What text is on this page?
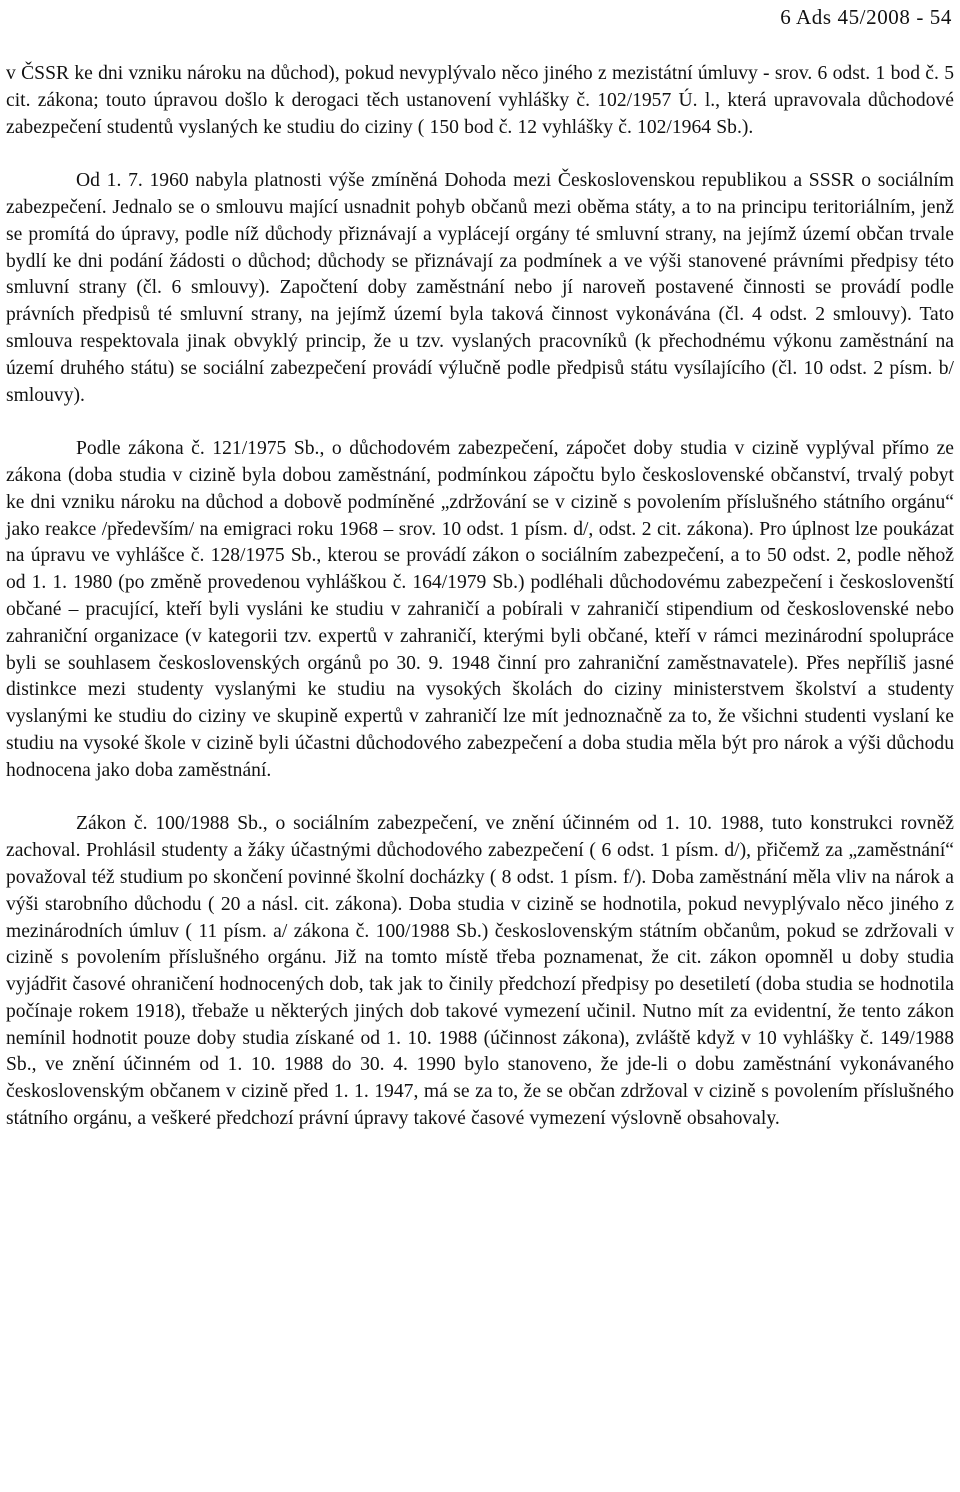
6 Ads 45/2008 - 54

v ČSSR ke dni vzniku nároku na důchod), pokud nevyplývalo něco jiného z mezistátní úmluvy - srov. 6 odst. 1 bod č. 5 cit. zákona; touto úpravou došlo k derogaci těch ustanovení vyhlášky č. 102/1957 Ú. l., která upravovala důchodové zabezpečení studentů vyslaných ke studiu do ciziny ( 150 bod č. 12 vyhlášky č. 102/1964 Sb.).

Od 1. 7. 1960 nabyla platnosti výše zmíněná Dohoda mezi Československou republikou a SSSR o sociálním zabezpečení. Jednalo se o smlouvu mající usnadnit pohyb občanů mezi oběma státy, a to na principu teritoriálním, jenž se promítá do úpravy, podle níž důchody přiznávají a vyplácejí orgány té smluvní strany, na jejímž území občan trvale bydlí ke dni podání žádosti o důchod; důchody se přiznávají za podmínek a ve výši stanovené právními předpisy této smluvní strany (čl. 6 smlouvy). Započtení doby zaměstnání nebo jí naroveň postavené činnosti se provádí podle právních předpisů té smluvní strany, na jejímž území byla taková činnost vykonávána (čl. 4 odst. 2 smlouvy). Tato smlouva respektovala jinak obvyklý princip, že u tzv. vyslaných pracovníků (k přechodnému výkonu zaměstnání na území druhého státu) se sociální zabezpečení provádí výlučně podle předpisů státu vysílajícího (čl. 10 odst. 2 písm. b/ smlouvy).

Podle zákona č. 121/1975 Sb., o důchodovém zabezpečení, zápočet doby studia v cizině vyplýval přímo ze zákona (doba studia v cizině byla dobou zaměstnání, podmínkou zápočtu bylo československé občanství, trvalý pobyt ke dni vzniku nároku na důchod a dobově podmíněné „zdržování se v cizině s povolením příslušného státního orgánu“ jako reakce /především/ na emigraci roku 1968 – srov. 10 odst. 1 písm. d/, odst. 2 cit. zákona). Pro úplnost lze poukázat na úpravu ve vyhlášce č. 128/1975 Sb., kterou se provádí zákon o sociálním zabezpečení, a to 50 odst. 2, podle něhož od 1. 1. 1980 (po změně provedenou vyhláškou č. 164/1979 Sb.) podléhali důchodovému zabezpečení i českoslovenští občané – pracující, kteří byli vysláni ke studiu v zahraničí a pobírali v zahraničí stipendium od československé nebo zahraniční organizace (v kategorii tzv. expertů v zahraničí, kterými byli občané, kteří v rámci mezinárodní spolupráce byli se souhlasem československých orgánů po 30. 9. 1948 činní pro zahraniční zaměstnavatele). Přes nepříliš jasné distinkce mezi studenty vyslanými ke studiu na vysokých školách do ciziny ministerstvem školství a studenty vyslanými ke studiu do ciziny ve skupině expertů v zahraničí lze mít jednoznačně za to, že všichni studenti vyslaní ke studiu na vysoké škole v cizině byli účastni důchodového zabezpečení a doba studia měla být pro nárok a výši důchodu hodnocena jako doba zaměstnání.

Zákon č. 100/1988 Sb., o sociálním zabezpečení, ve znění účinném od 1. 10. 1988, tuto konstrukci rovněž zachoval. Prohlásil studenty a žáky účastnými důchodového zabezpečení ( 6 odst. 1 písm. d/), přičemž za „zaměstnání“ považoval též studium po skončení povinné školní docházky ( 8 odst. 1 písm. f/). Doba zaměstnání měla vliv na nárok a výši starobního důchodu ( 20 a násl. cit. zákona). Doba studia v cizině se hodnotila, pokud nevyplývalo něco jiného z mezinárodních úmluv ( 11 písm. a/ zákona č. 100/1988 Sb.) československým státním občanům, pokud se zdržovali v cizině s povolením příslušného orgánu. Již na tomto místě třeba poznamenat, že cit. zákon opomněl u doby studia vyjádřit časové ohraničení hodnocených dob, tak jak to činily předchozí předpisy po desetiletí (doba studia se hodnotila počínaje rokem 1918), třebaže u některých jiných dob takové vymezení učinil. Nutno mít za evidentní, že tento zákon nemínil hodnotit pouze doby studia získané od 1. 10. 1988 (účinnost zákona), zvláště když v 10 vyhlášky č. 149/1988 Sb., ve znění účinném od 1. 10. 1988 do 30. 4. 1990 bylo stanoveno, že jde-li o dobu zaměstnání vykonávaného československým občanem v cizině před 1. 1. 1947, má se za to, že se občan zdržoval v cizině s povolením příslušného státního orgánu, a veškeré předchozí právní úpravy takové časové vymezení výslovně obsahovaly.
